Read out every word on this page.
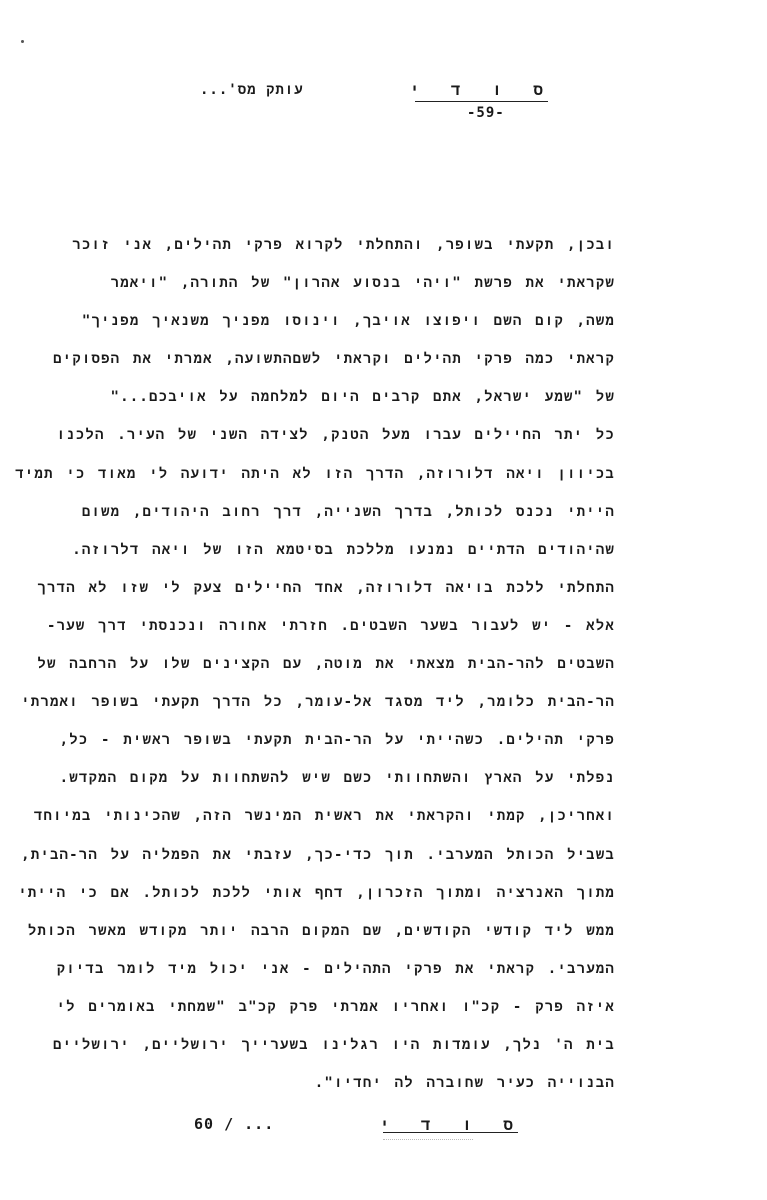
עותק מס'...	ס ו ד י
-59-
ובכן, תקעתי בשופר, והתחלתי לקרוא פרקי תהילים, אני זוכר
שקראתי את פרשת "ויהי בנסוע אהרון" של התורה, "ויאמר
משה, קום השם ויפוצו אויבך, וינוסו מפניך משנאיך מפניך"
קראתי כמה פרקי תהילים וקראתי לשםהתשועה, אמרתי את הפסוקים
של "שמע ישראל, אתם קרבים היום למלחמה על אויבכם..."
כל יתר החיילים עברו מעל הטנק, לצידה השני של העיר. הלכנו
בכיוון ויאה דלורוזה, הדרך הזו לא היתה ידועה לי מאוד כי תמיד
הייתי נכנס לכותל, בדרך השנייה, דרך רחוב היהודים, משום
שהיהודים הדתיים נמנעו מללכת בסיטמא הזו של ויאה דלרוזה.
התחלתי ללכת בויאה דלורוזה, אחד החיילים צעק לי שזו לא הדרך
אלא - יש לעבור בשער השבטים. חזרתי אחורה ונכנסתי דרך שער-
השבטים להר-הבית מצאתי את מוטה, עם הקצינים שלו על הרחבה של
הר-הבית כלומר, ליד מסגד אל-עומר, כל הדרך תקעתי בשופר ואמרתי
פרקי תהילים. כשהייתי על הר-הבית תקעתי בשופר ראשית - כל,
נפלתי על הארץ והשתחוותי כשם שיש להשתחוות על מקום המקדש.
ואחריכן, קמתי והקראתי את ראשית המינשר הזה, שהכינותי במיוחד
בשביל הכותל המערבי. תוך כדי-כך, עזבתי את הפמליה על הר-הבית,
מתוך האנרציה ומתוך הזכרון, דחף אותי ללכת לכותל. אם כי הייתי
ממש ליד קודשי הקודשים, שם המקום הרבה יותר מקודש מאשר הכותל
המערבי. קראתי את פרקי התהילים - אני יכול מיד לומר בדיוק
איזה פרק - קכ"ו ואחריו אמרתי פרק קכ"ב "שמחתי באומרים לי
בית ה' נלך, עומדות היו רגלינו בשערייך ירושליים, ירושליים
הבנוייה כעיר שחוברה לה יחדיו".
60 / ...	ס ו ד י
